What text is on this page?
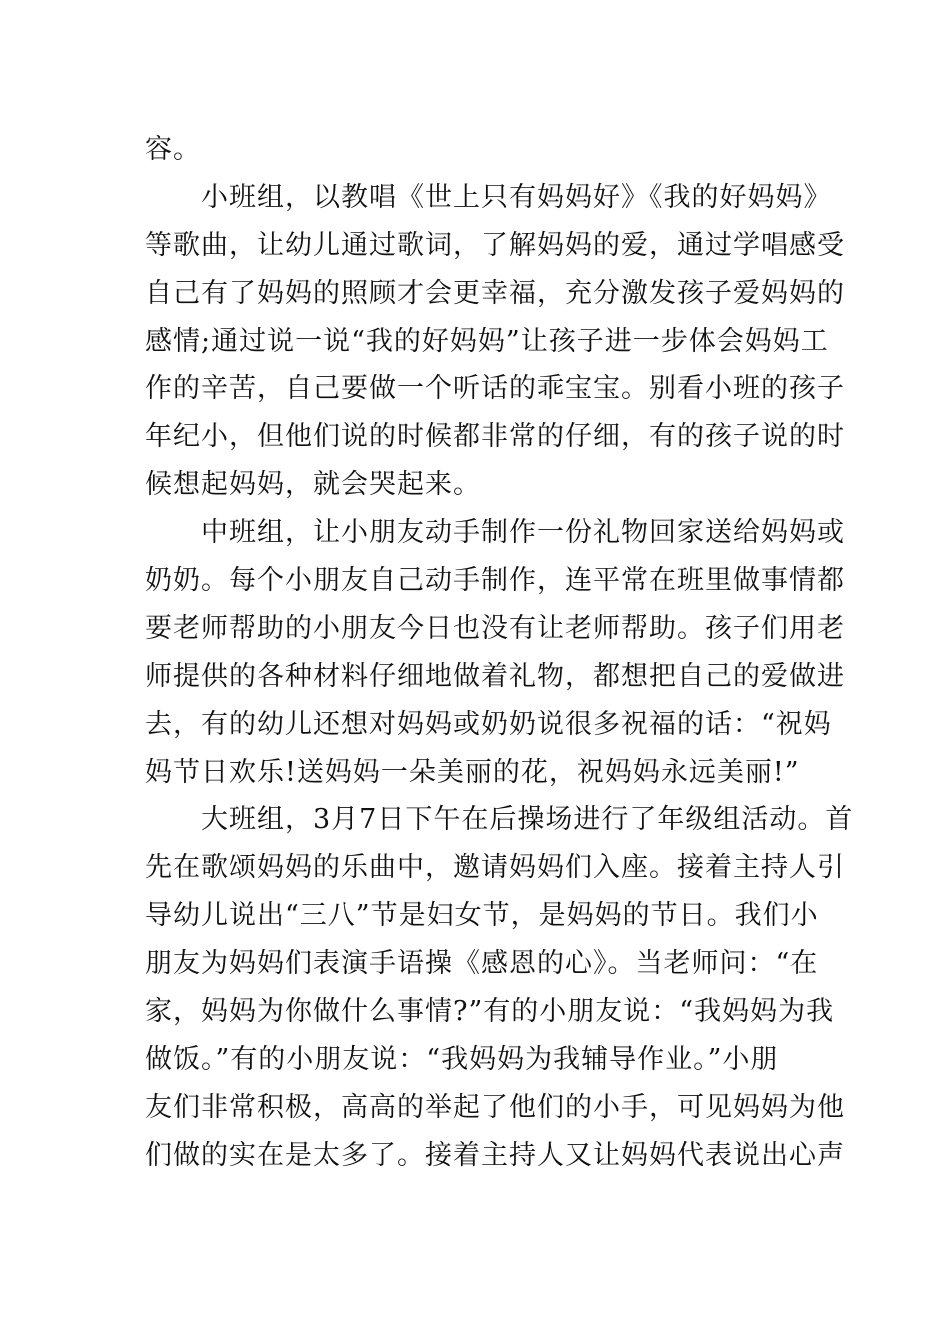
容。
小班组，以教唱《世上只有妈妈好》《我的好妈妈》
等歌曲，让幼儿通过歌词，了解妈妈的爱，通过学唱感受
自己有了妈妈的照顾才会更幸福，充分激发孩子爱妈妈的
感情;通过说一说“我的好妈妈”让孩子进一步体会妈妈工
作的辛苦，自己要做一个听话的乖宝宝。别看小班的孩子
年纪小，但他们说的时候都非常的仔细，有的孩子说的时
候想起妈妈，就会哭起来。
中班组，让小朋友动手制作一份礼物回家送给妈妈或
奶奶。每个小朋友自己动手制作，连平常在班里做事情都
要老师帮助的小朋友今日也没有让老师帮助。孩子们用老
师提供的各种材料仔细地做着礼物，都想把自己的爱做进
去，有的幼儿还想对妈妈或奶奶说很多祝福的话：“祝妈
妈节日欢乐!送妈妈一朵美丽的花，祝妈妈永远美丽!”
大班组，3月7日下午在后操场进行了年级组活动。首
先在歌颂妈妈的乐曲中，邀请妈妈们入座。接着主持人引
导幼儿说出“三八”节是妇女节，是妈妈的节日。我们小
朋友为妈妈们表演手语操《感恩的心》。当老师问：“在
家，妈妈为你做什么事情?”有的小朋友说：“我妈妈为我
做饭。”有的小朋友说：“我妈妈为我辅导作业。”小朋
友们非常积极，高高的举起了他们的小手，可见妈妈为他
们做的实在是太多了。接着主持人又让妈妈代表说出心声
